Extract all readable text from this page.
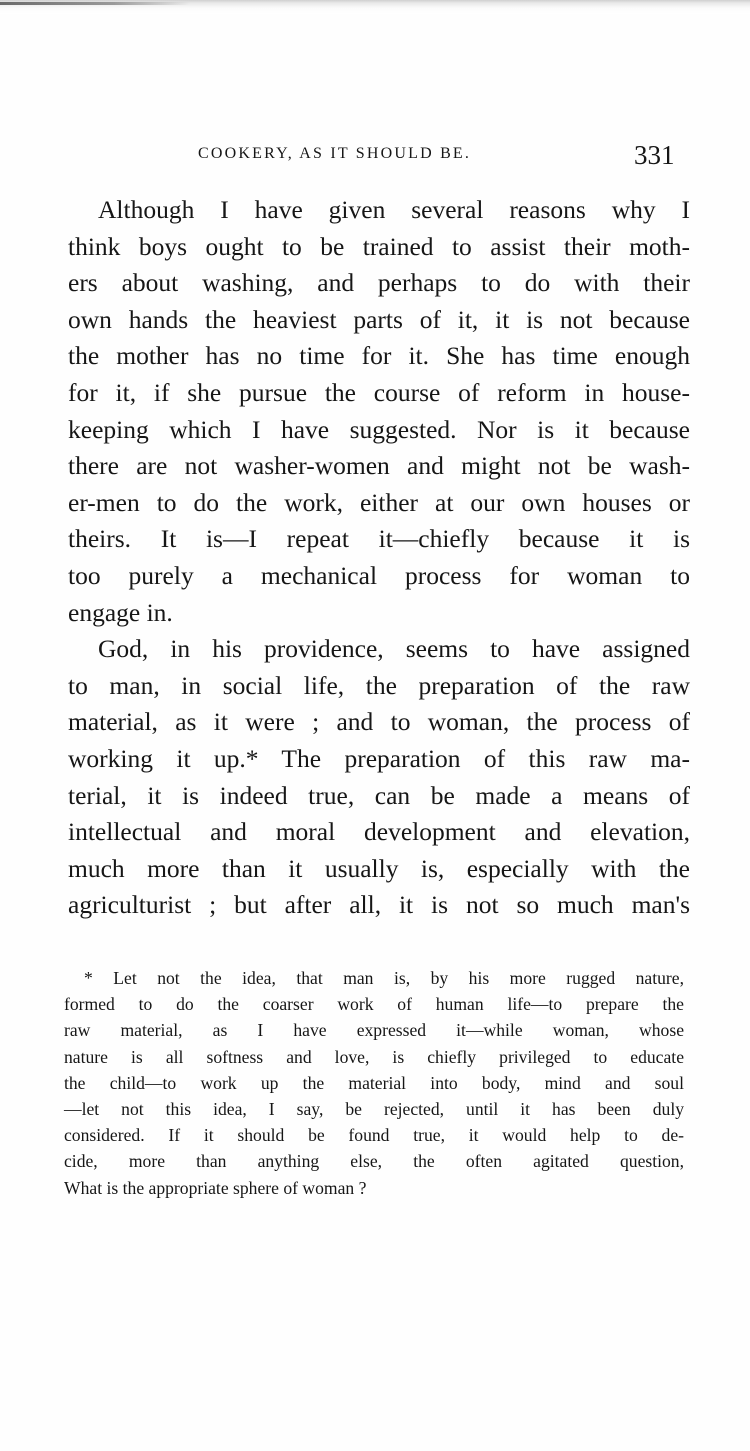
COOKERY, AS IT SHOULD BE.	331
Although I have given several reasons why I
think boys ought to be trained to assist their moth-
ers about washing, and perhaps to do with their
own hands the heaviest parts of it, it is not because
the mother has no time for it. She has time enough
for it, if she pursue the course of reform in house-
keeping which I have suggested. Nor is it because
there are not washer-women and might not be wash-
er-men to do the work, either at our own houses or
theirs. It is—I repeat it—chiefly because it is
too purely a mechanical process for woman to
engage in.
God, in his providence, seems to have assigned
to man, in social life, the preparation of the raw
material, as it were ; and to woman, the process of
working it up.* The preparation of this raw ma-
terial, it is indeed true, can be made a means of
intellectual and moral development and elevation,
much more than it usually is, especially with the
agriculturist ; but after all, it is not so much man's
* Let not the idea, that man is, by his more rugged nature,
formed to do the coarser work of human life—to prepare the
raw material, as I have expressed it—while woman, whose
nature is all softness and love, is chiefly privileged to educate
the child—to work up the material into body, mind and soul
—let not this idea, I say, be rejected, until it has been duly
considered. If it should be found true, it would help to de-
cide, more than anything else, the often agitated question,
What is the appropriate sphere of woman ?
